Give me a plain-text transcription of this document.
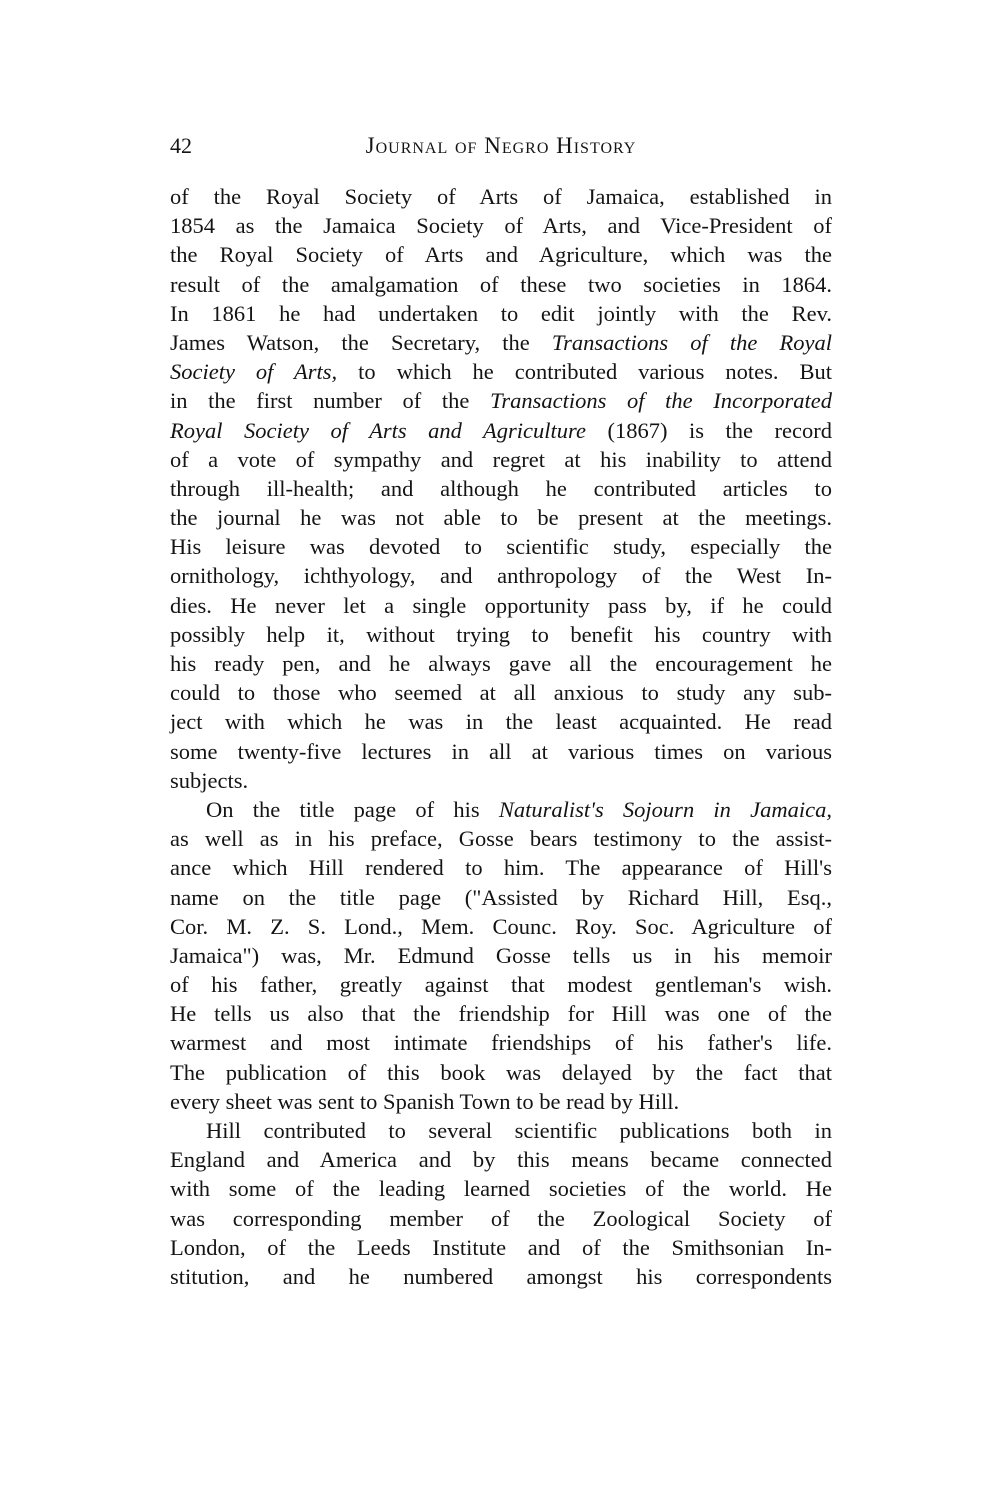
42	Journal of Negro History
of the Royal Society of Arts of Jamaica, established in
1854 as the Jamaica Society of Arts, and Vice-President of
the Royal Society of Arts and Agriculture, which was the
result of the amalgamation of these two societies in 1864.
In 1861 he had undertaken to edit jointly with the Rev.
James Watson, the Secretary, the Transactions of the Royal
Society of Arts, to which he contributed various notes. But
in the first number of the Transactions of the Incorporated
Royal Society of Arts and Agriculture (1867) is the record
of a vote of sympathy and regret at his inability to attend
through ill-health; and although he contributed articles to
the journal he was not able to be present at the meetings.
His leisure was devoted to scientific study, especially the
ornithology, ichthyology, and anthropology of the West In-
dies. He never let a single opportunity pass by, if he could
possibly help it, without trying to benefit his country with
his ready pen, and he always gave all the encouragement he
could to those who seemed at all anxious to study any sub-
ject with which he was in the least acquainted. He read
some twenty-five lectures in all at various times on various
subjects.
On the title page of his Naturalist's Sojourn in Jamaica,
as well as in his preface, Gosse bears testimony to the assist-
ance which Hill rendered to him. The appearance of Hill's
name on the title page ("Assisted by Richard Hill, Esq.,
Cor. M. Z. S. Lond., Mem. Counc. Roy. Soc. Agriculture of
Jamaica") was, Mr. Edmund Gosse tells us in his memoir
of his father, greatly against that modest gentleman's wish.
He tells us also that the friendship for Hill was one of the
warmest and most intimate friendships of his father's life.
The publication of this book was delayed by the fact that
every sheet was sent to Spanish Town to be read by Hill.
Hill contributed to several scientific publications both in
England and America and by this means became connected
with some of the leading learned societies of the world. He
was corresponding member of the Zoological Society of
London, of the Leeds Institute and of the Smithsonian In-
stitution, and he numbered amongst his correspondents
